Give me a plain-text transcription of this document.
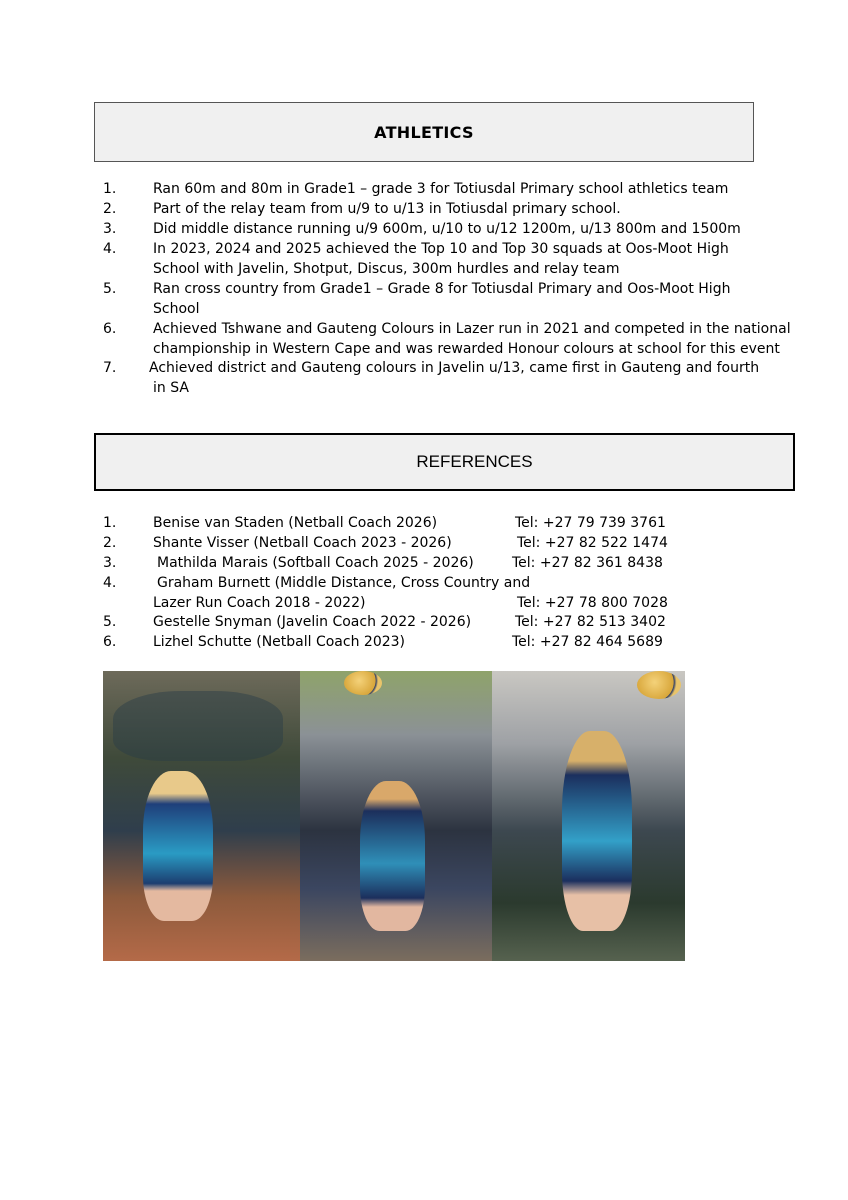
ATHLETICS
1.	Ran 60m and 80m in Grade1 – grade 3 for Totiusdal Primary school athletics team
2.	Part of the relay team from u/9 to u/13 in Totiusdal primary school.
3.	Did middle distance running u/9 600m, u/10 to u/12 1200m, u/13 800m and 1500m
4.	In 2023, 2024 and 2025 achieved the Top 10 and Top 30 squads at Oos-Moot High
School with Javelin, Shotput, Discus, 300m hurdles and relay team
5.	Ran cross country from Grade1 – Grade 8 for Totiusdal Primary and Oos-Moot High
School
6.	Achieved Tshwane and Gauteng Colours in Lazer run in 2021 and competed in the national
championship in Western Cape and was rewarded Honour colours at school for this event
7. Achieved district and Gauteng colours in Javelin u/13, came first in Gauteng and fourth
in SA
REFERENCES
1.	Benise van Staden (Netball Coach 2026)	Tel: +27 79 739 3761
2.	Shante Visser (Netball Coach 2023 - 2026)	Tel: +27 82 522 1474
3.	Mathilda Marais (Softball Coach 2025 - 2026)	Tel: +27 82 361 8438
4.	Graham Burnett (Middle Distance, Cross Country and
Lazer Run Coach 2018 - 2022)	Tel: +27 78 800 7028
5.	Gestelle Snyman (Javelin Coach 2022 - 2026)	Tel: +27 82 513 3402
6.	Lizhel Schutte (Netball Coach 2023)	Tel: +27 82 464 5689
